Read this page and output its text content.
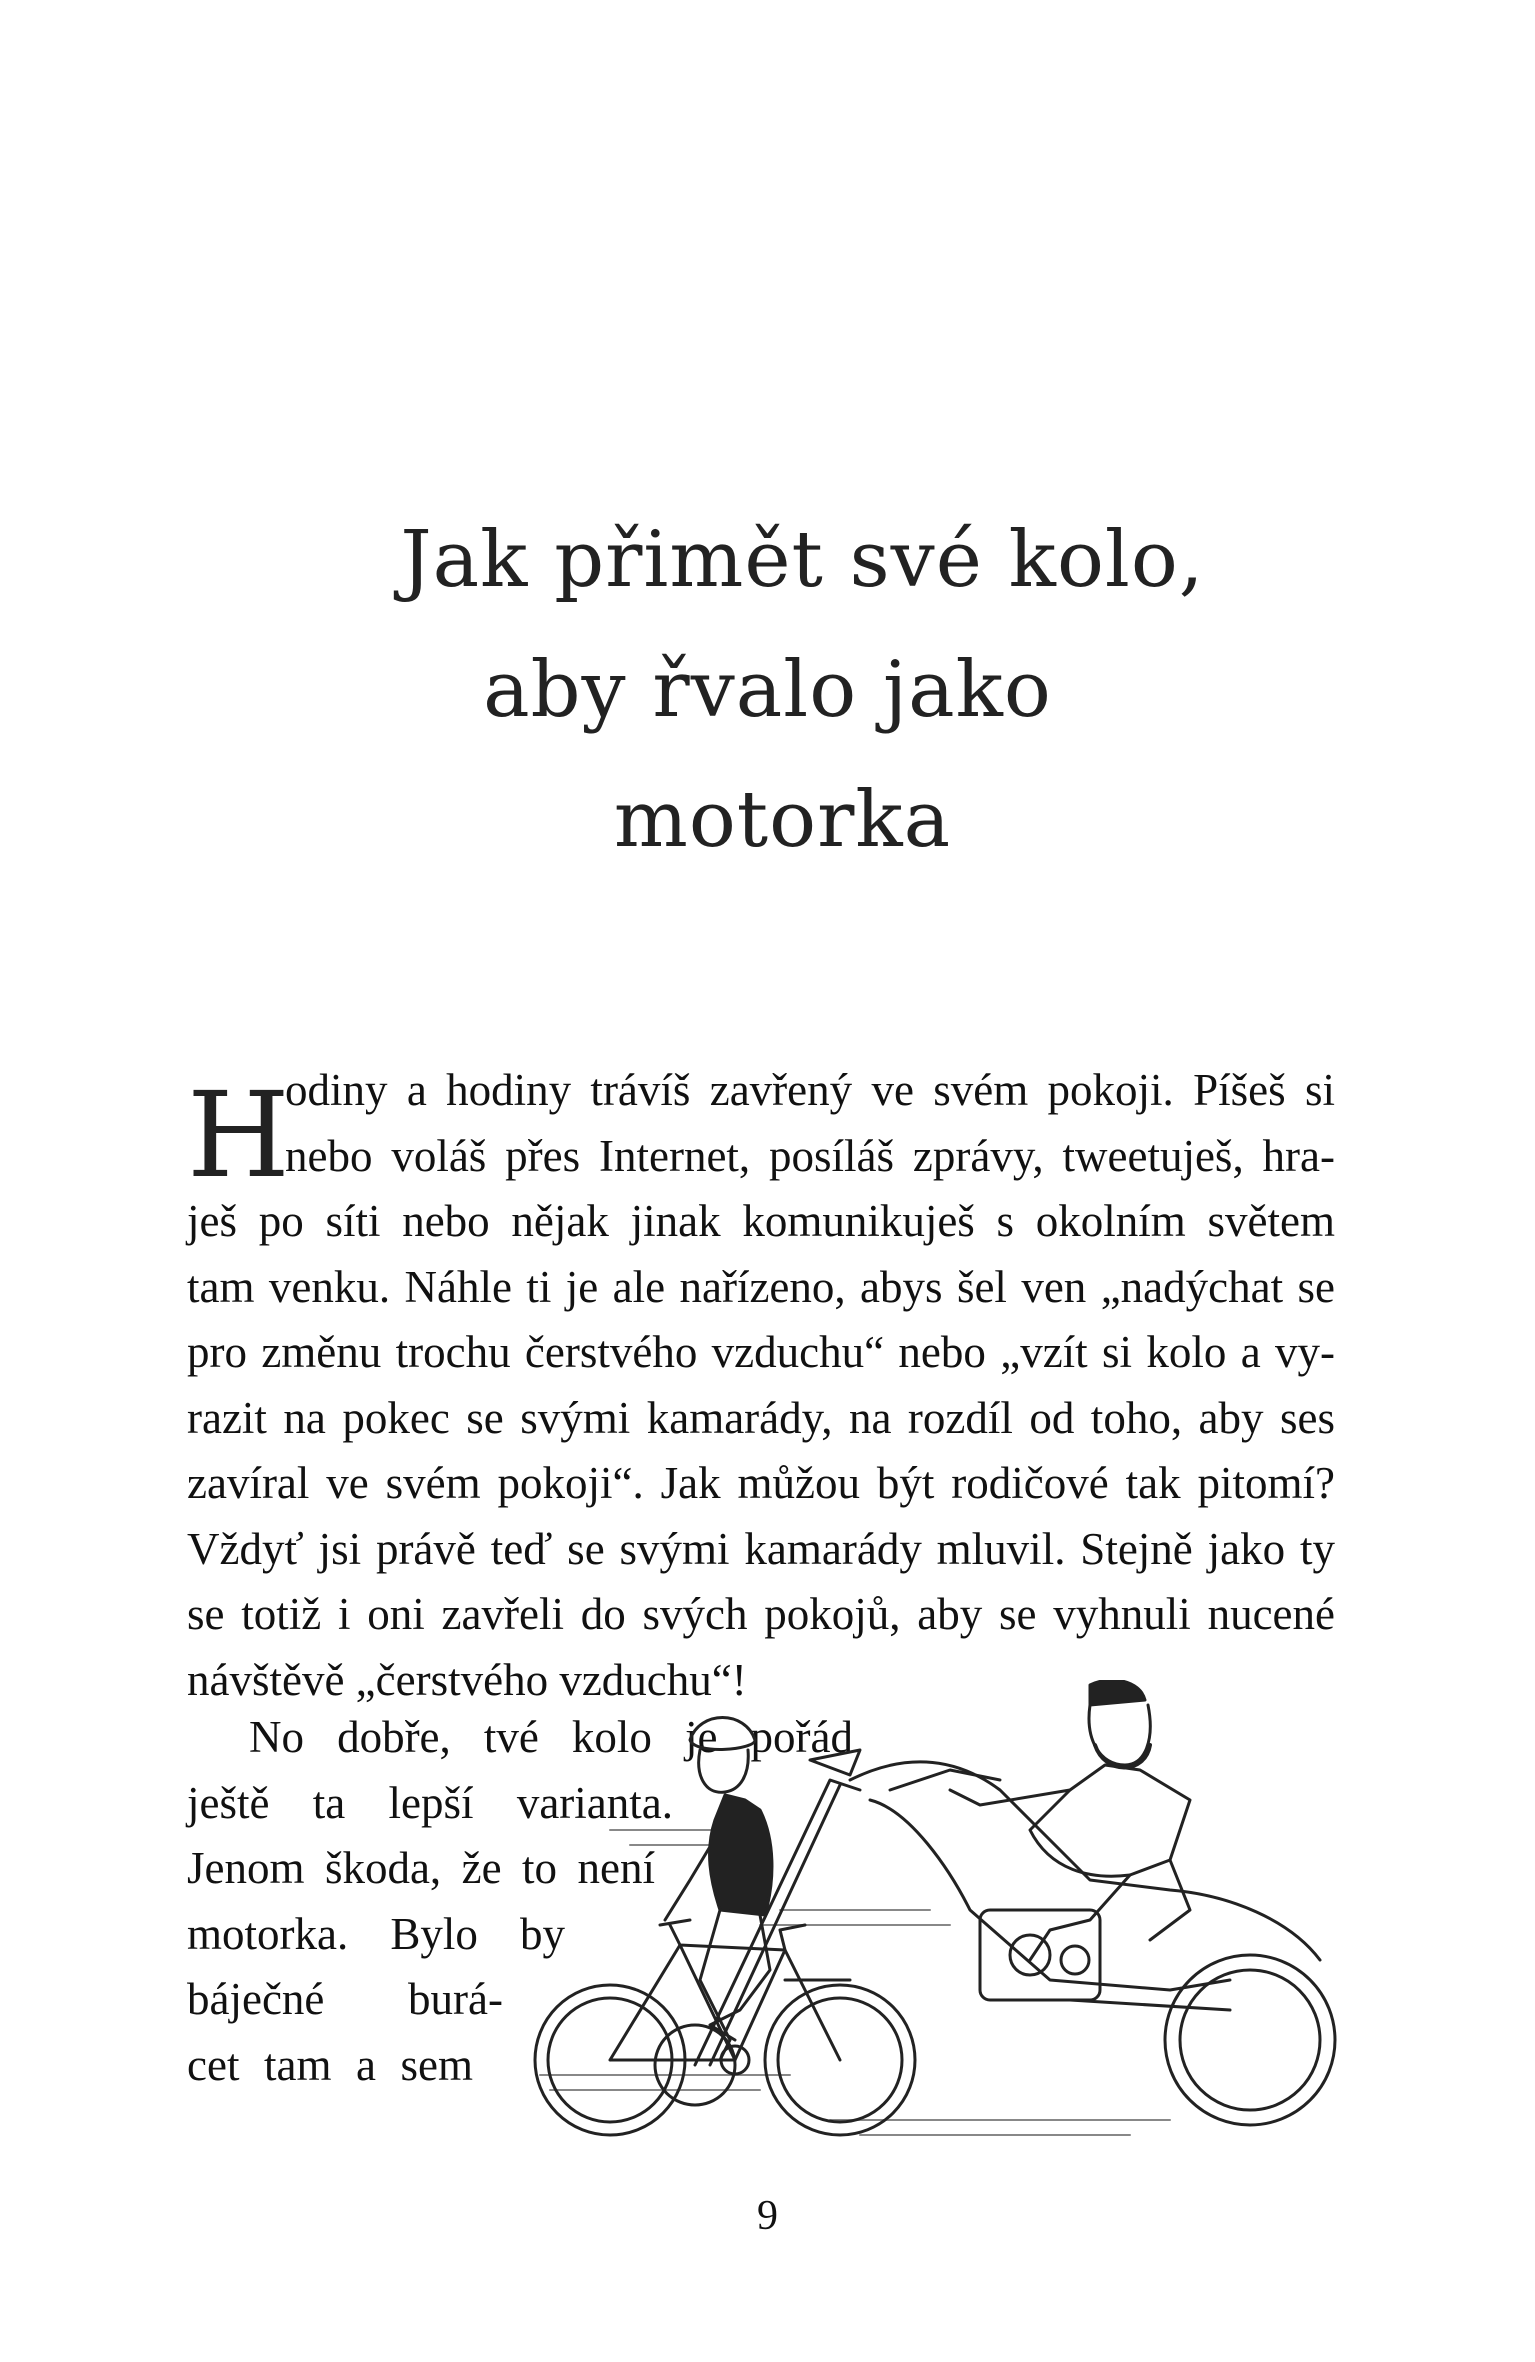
Jak přimět své kolo,
aby řvalo jako
motorka
H
odiny a hodiny trávíš zavřený ve svém pokoji. Píšeš si
nebo voláš přes Internet, posíláš zprávy, tweetuješ, hra-
ješ po síti nebo nějak jinak komunikuješ s okolním světem
tam venku. Náhle ti je ale nařízeno, abys šel ven „nadýchat se
pro změnu trochu čerstvého vzduchu“ nebo „vzít si kolo a vy-
razit na pokec se svými kamarády, na rozdíl od toho, aby ses
zavíral ve svém pokoji“. Jak můžou být rodičové tak pitomí?
Vždyť jsi právě teď se svými kamarády mluvil. Stejně jako ty
se totiž i oni zavřeli do svých pokojů, aby se vyhnuli nucené
návštěvě „čerstvého vzduchu“!
No dobře, tvé kolo je pořád
ještě ta lepší varianta.
Jenom škoda, že to není
motorka. Bylo by
báječné burá-
cet tam a sem
9
